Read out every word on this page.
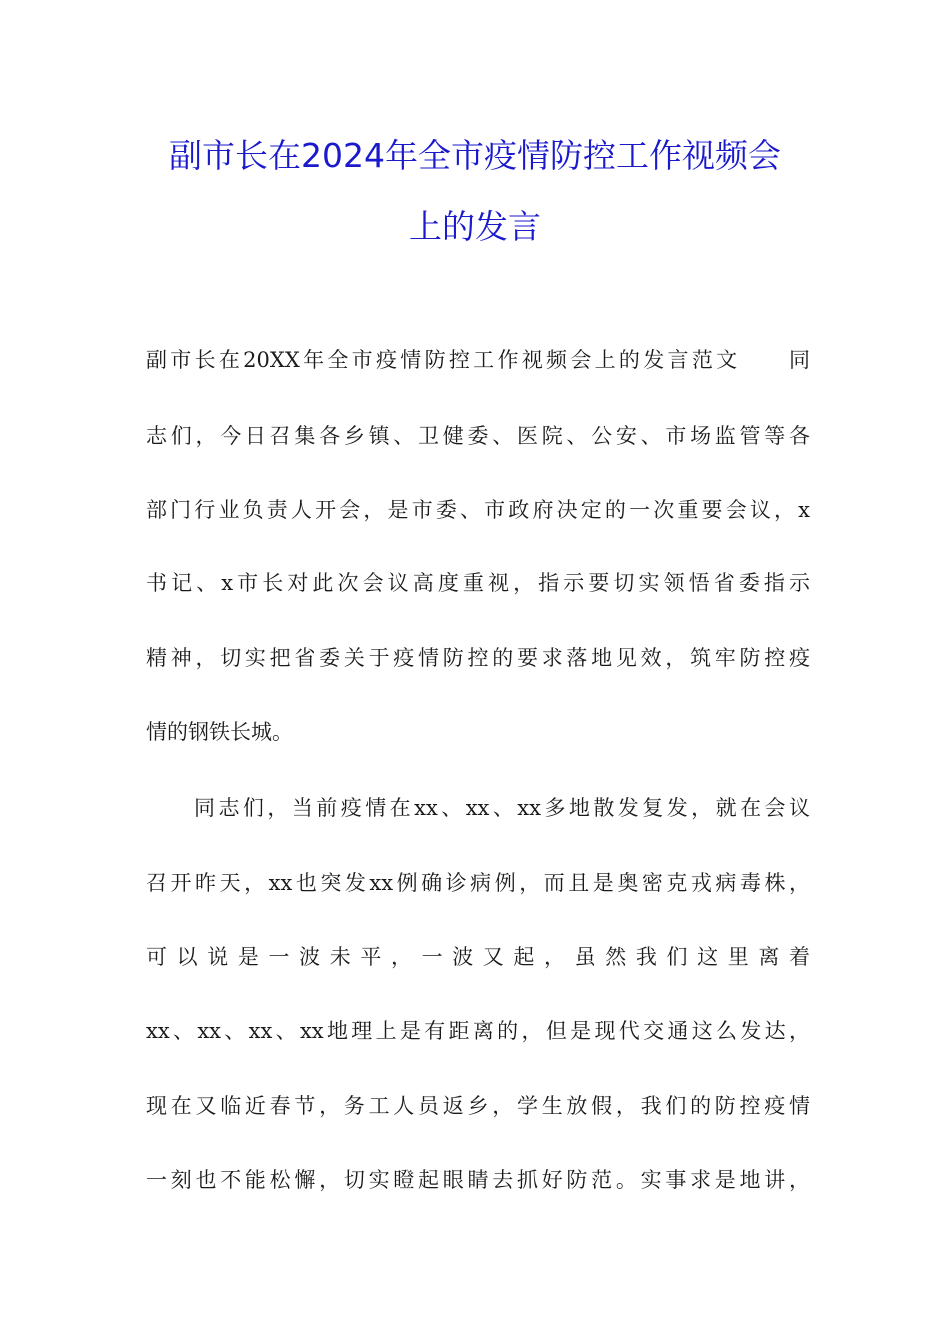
副市长在2024年全市疫情防控工作视频会
上的发言
副市长在20XX年全市疫情防控工作视频会上的发言范文　　同
志们，今日召集各乡镇、卫健委、医院、公安、市场监管等各
部门行业负责人开会，是市委、市政府决定的一次重要会议，x
书记、x市长对此次会议高度重视，指示要切实领悟省委指示
精神，切实把省委关于疫情防控的要求落地见效，筑牢防控疫
情的钢铁长城。
同志们，当前疫情在xx、xx、xx多地散发复发，就在会议
召开昨天，xx也突发xx例确诊病例，而且是奥密克戎病毒株，
可以说是一波未平，一波又起，虽然我们这里离着
xx、xx、xx、xx地理上是有距离的，但是现代交通这么发达，
现在又临近春节，务工人员返乡，学生放假，我们的防控疫情
一刻也不能松懈，切实瞪起眼睛去抓好防范。实事求是地讲，
